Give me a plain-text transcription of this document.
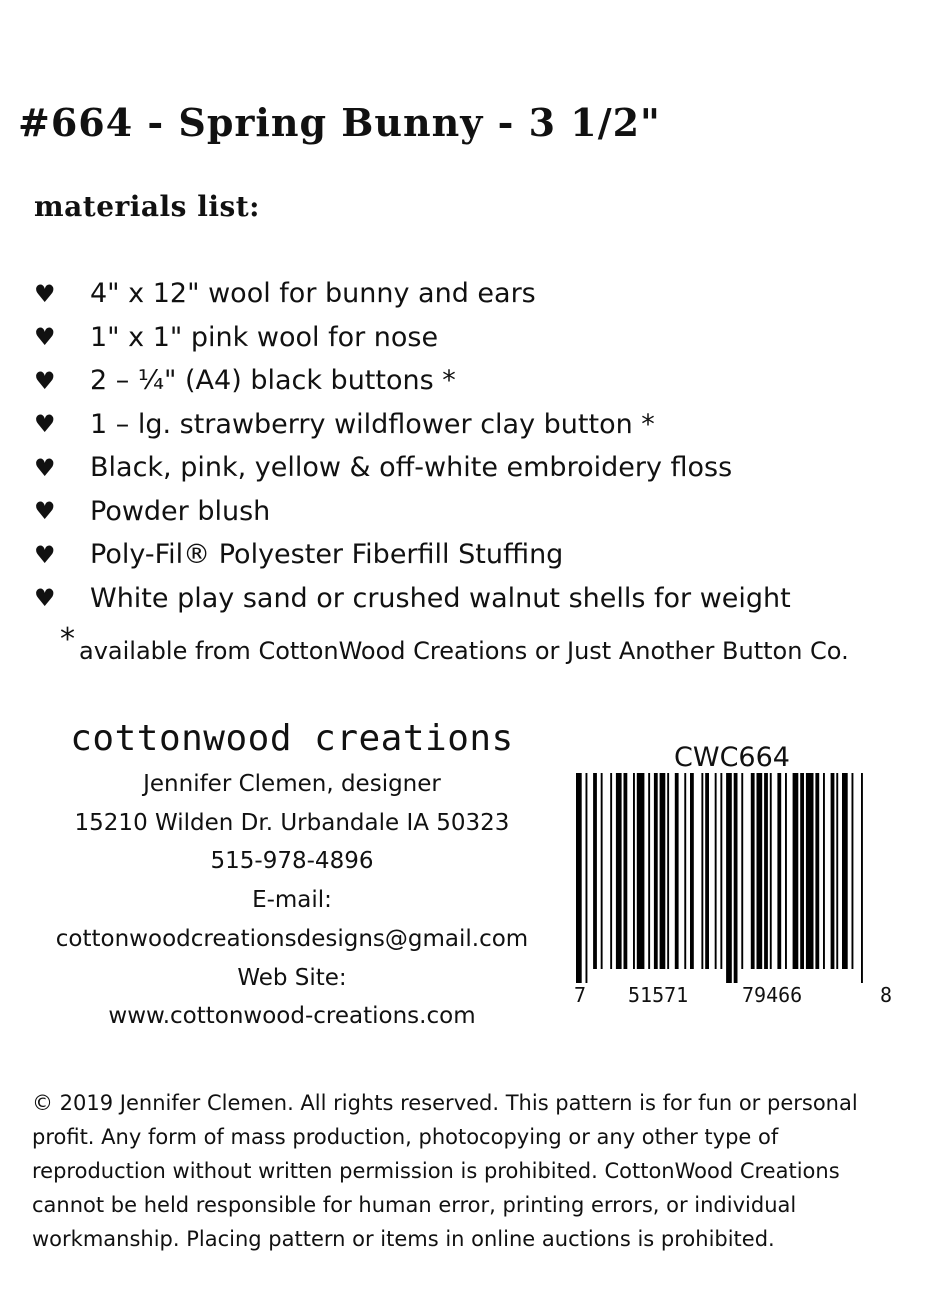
#664 - Spring Bunny - 3 1/2"
materials list:
♥	4" x 12" wool for bunny and ears
♥	1" x 1" pink wool for nose
♥	2 – ¼" (A4) black buttons *
♥	1 – lg. strawberry wildflower clay button *
♥	Black, pink, yellow & off-white embroidery floss
♥	Powder blush
♥	Poly-Fil® Polyester Fiberfill Stuffing
♥	White play sand or crushed walnut shells for weight
* available from CottonWood Creations or Just Another Button Co.
cottonwood creations
Jennifer Clemen, designer
15210 Wilden Dr. Urbandale IA 50323
515-978-4896
E-mail:
cottonwoodcreationsdesigns@gmail.com
Web Site:
www.cottonwood-creations.com
CWC664
7 51571	79466	8
© 2019 Jennifer Clemen. All rights reserved. This pattern is for fun or personal profit. Any form of mass production, photocopying or any other type of reproduction without written permission is prohibited. CottonWood Creations cannot be held responsible for human error, printing errors, or individual workmanship. Placing pattern or items in online auctions is prohibited.
